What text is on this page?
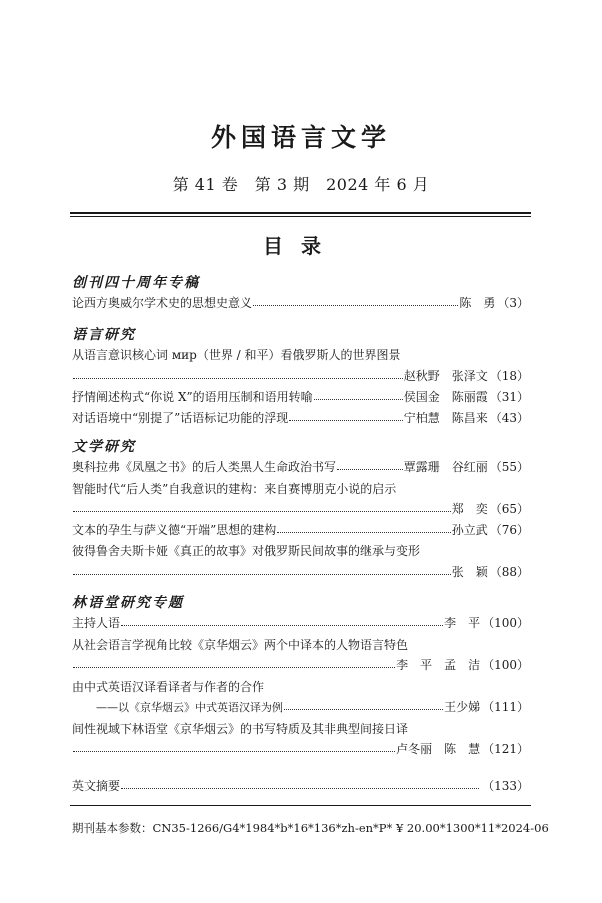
外国语言文学
第 41 卷　第 3 期　2024 年 6 月
目录
创刊四十周年专稿
论西方奥威尔学术史的思想史意义	陈　勇 （3）
语言研究
从语言意识核心词 мир（世界 / 和平）看俄罗斯人的世界图景
赵秋野　张泽文 （18）
抒情阐述构式“你说 X”的语用压制和语用转喻	侯国金　陈丽霞 （31）
对话语境中“别提了”话语标记功能的浮现	宁柏慧　陈昌来 （43）
文学研究
奥科拉弗《凤凰之书》的后人类黑人生命政治书写	覃露珊　谷红丽 （55）
智能时代“后人类”自我意识的建构：来自赛博朋克小说的启示
郑　奕 （65）
文本的孕生与萨义德“开端”思想的建构	孙立武 （76）
彼得鲁舍夫斯卡娅《真正的故事》对俄罗斯民间故事的继承与变形
张　颖 （88）
林语堂研究专题
主持人语	李　平 （100）
从社会语言学视角比较《京华烟云》两个中译本的人物语言特色
李　平　孟　洁 （100）
由中式英语汉译看译者与作者的合作
——以《京华烟云》中式英语汉译为例	王少娣 （111）
间性视域下林语堂《京华烟云》的书写特质及其非典型间接日译
卢冬丽　陈　慧 （121）
英文摘要	（133）
期刊基本参数：CN35-1266/G4*1984*b*16*136*zh-en*P* ¥ 20.00*1300*11*2024-06
